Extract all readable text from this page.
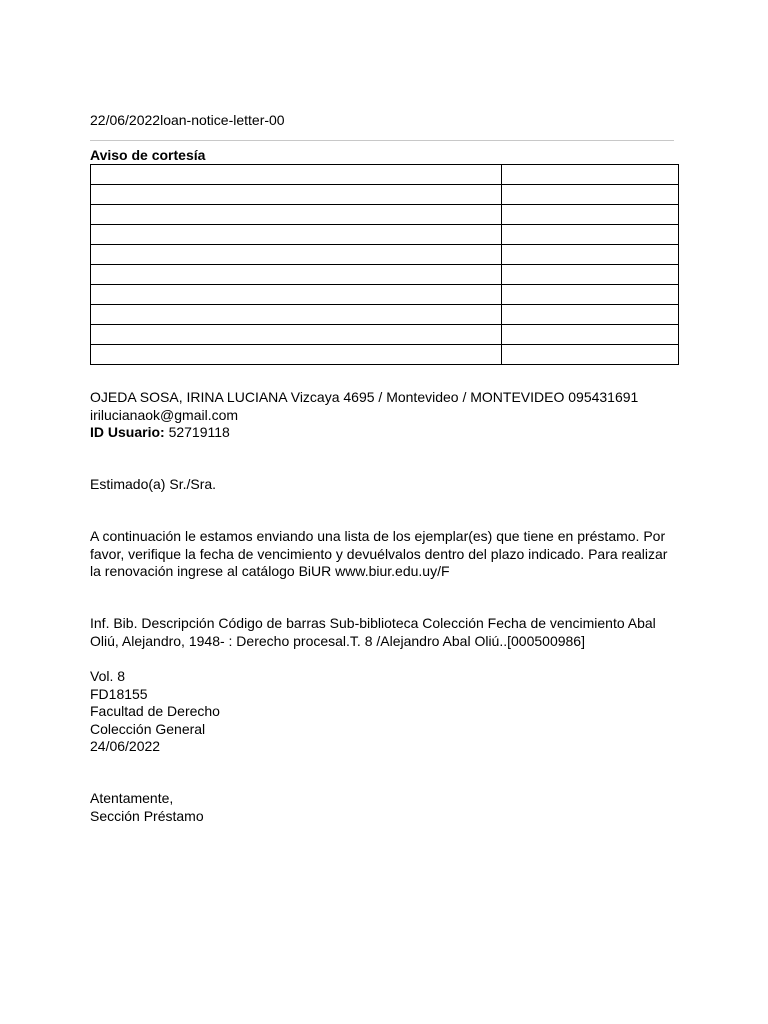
22/06/2022loan-notice-letter-00
Aviso de cortesía

OJEDA SOSA, IRINA LUCIANA Vizcaya 4695 / Montevideo / MONTEVIDEO 095431691

irilucianaok@gmail.com

ID Usuario: 52719118

Estimado(a) Sr./Sra.
A continuación le estamos enviando una lista de los ejemplar(es) que tiene en préstamo. Por favor, verifique la fecha de vencimiento y devuélvalos dentro del plazo indicado. Para realizar la renovación ingrese al catálogo BiUR www.biur.edu.uy/F
Inf. Bib. Descripción Código de barras Sub-biblioteca Colección Fecha de vencimiento Abal Oliú, Alejandro, 1948- : Derecho procesal.T. 8 /Alejandro Abal Oliú..[000500986]

Vol. 8

FD18155

Facultad de Derecho

Colección General

24/06/2022

Atentamente,

Sección Préstamo
